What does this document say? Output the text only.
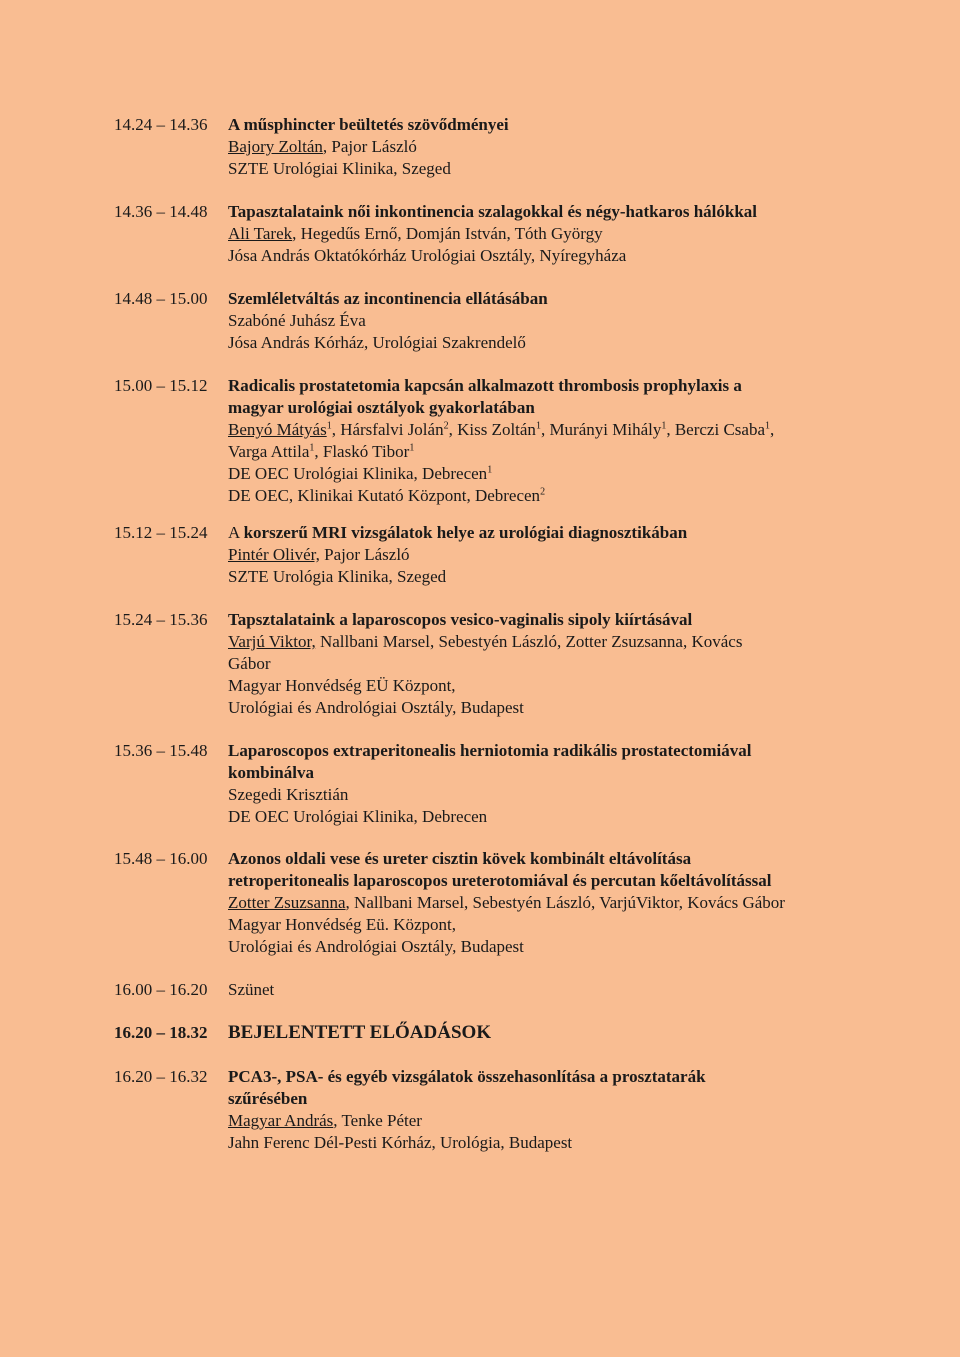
14.24 – 14.36 A műsphincter beültetés szövődményei
Bajory Zoltán, Pajor László
SZTE Urológiai Klinika, Szeged
14.36 – 14.48 Tapasztalataink női inkontinencia szalagokkal és négy-hatkaros hálókkal
Ali Tarek, Hegedűs Ernő, Domján István, Tóth György
Jósa András Oktatókórház Urológiai Osztály, Nyíregyháza
14.48 – 15.00 Szemléletváltás az incontinencia ellátásában
Szabóné Juhász Éva
Jósa András Kórház, Urológiai Szakrendelő
15.00 – 15.12 Radicalis prostatetomia kapcsán alkalmazott thrombosis prophylaxis a
magyar urológiai osztályok gyakorlatában
Benyó Mátyás$^1$, Hársfalvi Jolán$^2$, Kiss Zoltán$^1$, Murányi Mihály$^1$, Berczi Csaba$^1$,
Varga Attila$^1$, Flaskó Tibor$^1$
DE OEC Urológiai Klinika, Debrecen$^1$
DE OEC, Klinikai Kutató Központ, Debrecen$^2$
15.12 – 15.24 A korszerű MRI vizsgálatok helye az urológiai diagnosztikában
Pintér Olivér, Pajor László
SZTE Urológia Klinika, Szeged
15.24 – 15.36 Tapsztalataink a laparoscopos vesico-vaginalis sipoly kiírtásával
Varjú Viktor, Nallbani Marsel, Sebestyén László, Zotter Zsuzsanna, Kovács
Gábor
Magyar Honvédség EÜ Központ,
Urológiai és Andrológiai Osztály, Budapest
15.36 – 15.48 Laparoscopos extraperitonealis herniotomia radikális prostatectomiával
kombinálva
Szegedi Krisztián
DE OEC Urológiai Klinika, Debrecen
15.48 – 16.00 Azonos oldali vese és ureter cisztin kövek kombinált eltávolítása
retroperitonealis laparoscopos ureterotomiával és percutan kőeltávolítással
Zotter Zsuzsanna, Nallbani Marsel, Sebestyén László, VarjúViktor, Kovács Gábor
Magyar Honvédség Eü. Központ,
Urológiai és Andrológiai Osztály, Budapest
16.00 – 16.20 Szünet
16.20 – 18.32 BEJELENTETT ELŐADÁSOK
16.20 – 16.32 PCA3-, PSA- és egyéb vizsgálatok összehasonlítása a prosztatarák
szűrésében
Magyar András, Tenke Péter
Jahn Ferenc Dél-Pesti Kórház, Urológia, Budapest
